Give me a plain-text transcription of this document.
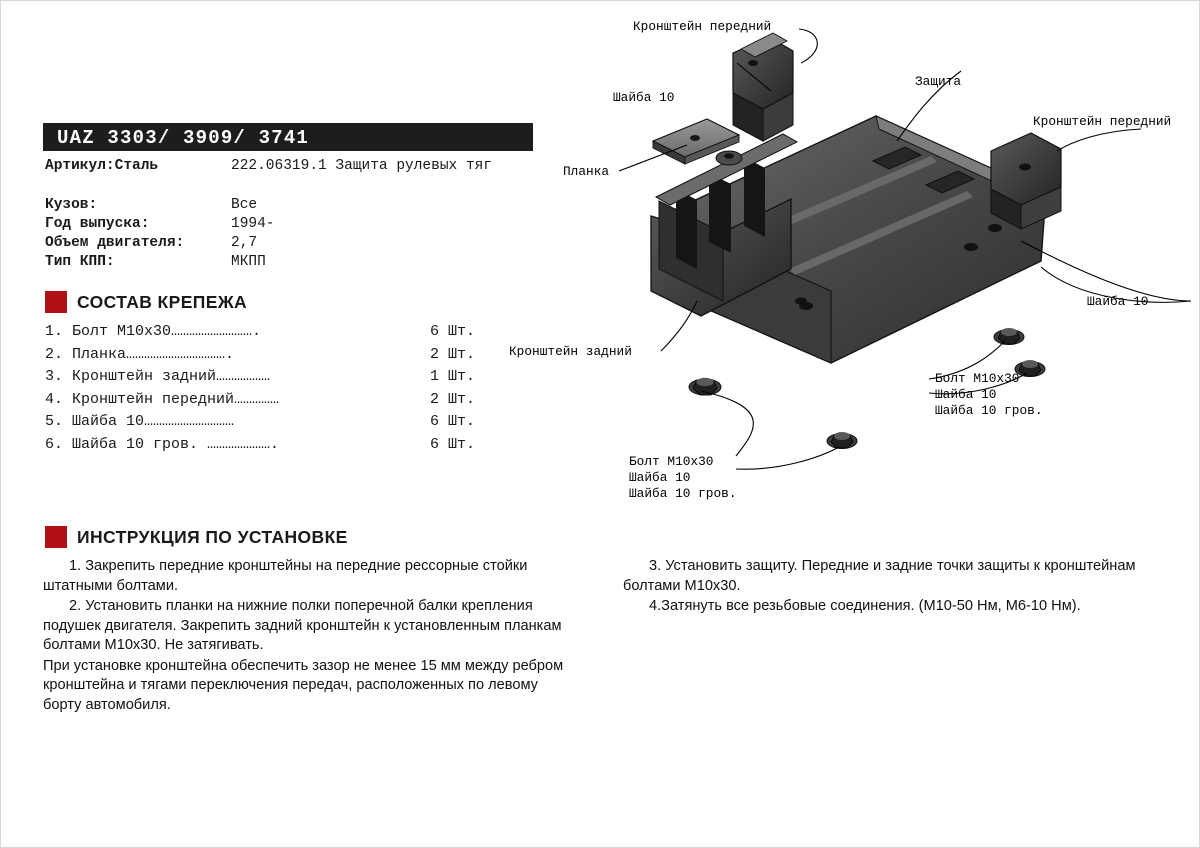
UAZ 3303/ 3909/ 3741
Артикул:Сталь	222.06319.1 Защита рулевых тяг
Кузов:	Все
Год выпуска:	1994-
Объем двигателя:	2,7
Тип КПП:	МКПП
СОСТАВ КРЕПЕЖА
1. Болт М10х30……………………….	6 Шт.
2. Планка…………………………….	2 Шт.
3. Кронштейн задний………………	1 Шт.
4. Кронштейн передний……………	2 Шт.
5. Шайба 10…………………………	6 Шт.
6. Шайба 10 гров. ………………….	6 Шт.
ИНСТРУКЦИЯ ПО УСТАНОВКЕ

1. Закрепить передние кронштейны на передние рессорные стойки штатными болтами.

2. Установить планки на нижние полки поперечной балки крепления подушек двигателя. Закрепить задний кронштейн к установленным планкам болтами М10х30. Не затягивать.

При установке кронштейна обеспечить зазор не менее 15 мм между ребром кронштейна и тягами переключения передач, расположенных по левому борту автомобиля.

3. Установить защиту. Передние и задние точки защиты к кронштейнам болтами М10х30.

4.Затянуть все резьбовые соединения. (М10-50 Нм, М6-10 Нм).

Кронштейн передний
Шайба 10
Защита
Кронштейн передний
Планка
Шайба 10
Кронштейн задний
Болт М10х30
Шайба 10
Шайба 10 гров.
Болт М10х30
Шайба 10
Шайба 10 гров.
